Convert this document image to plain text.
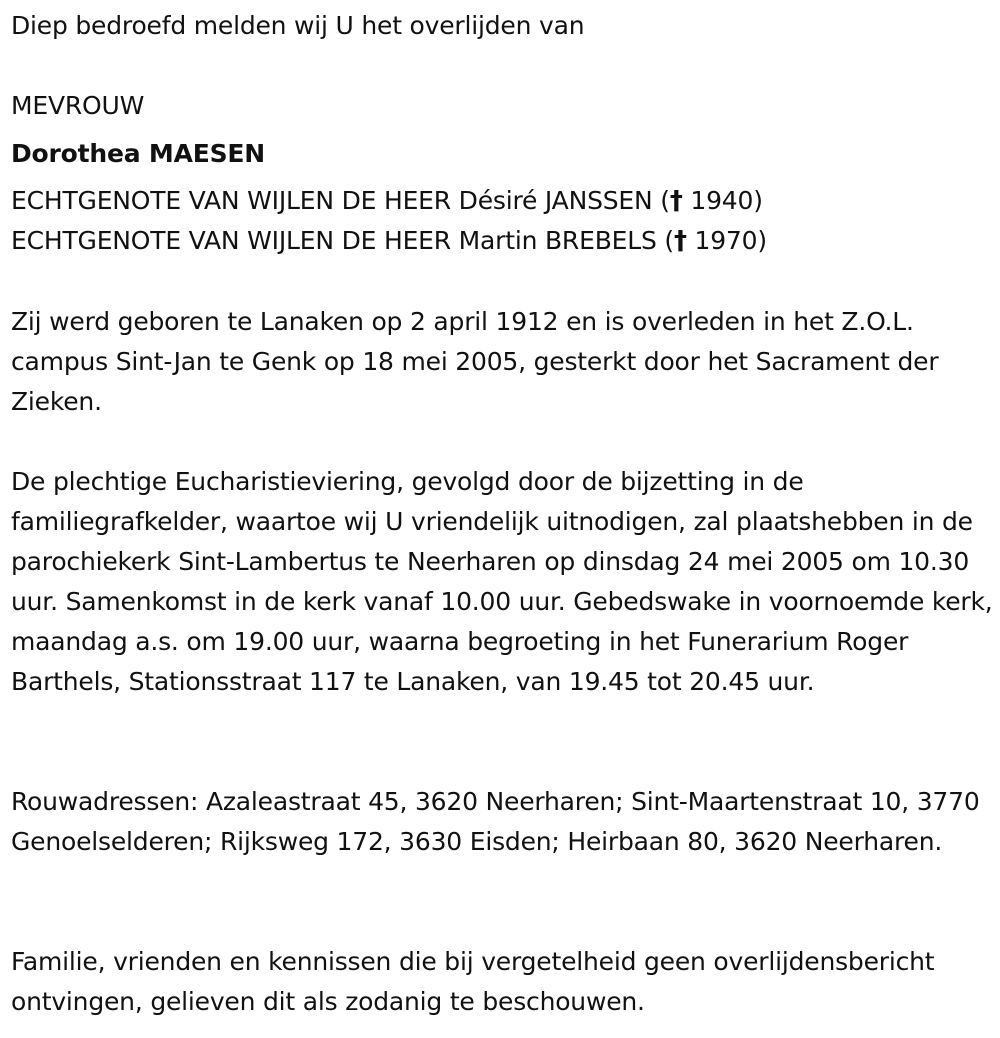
Diep bedroefd melden wij U het overlijden van
MEVROUW
Dorothea MAESEN
ECHTGENOTE VAN WIJLEN DE HEER Désiré JANSSEN († 1940)
ECHTGENOTE VAN WIJLEN DE HEER Martin BREBELS († 1970)
Zij werd geboren te Lanaken op 2 april 1912 en is overleden in het Z.O.L. campus Sint-Jan te Genk op 18 mei 2005, gesterkt door het Sacrament der Zieken.
De plechtige Eucharistieviering, gevolgd door de bijzetting in de familiegrafkelder, waartoe wij U vriendelijk uitnodigen, zal plaatshebben in de parochiekerk Sint-Lambertus te Neerharen op dinsdag 24 mei 2005 om 10.30 uur. Samenkomst in de kerk vanaf 10.00 uur. Gebedswake in voornoemde kerk, maandag a.s. om 19.00 uur, waarna begroeting in het Funerarium Roger Barthels, Stationsstraat 117 te Lanaken, van 19.45 tot 20.45 uur.
Rouwadressen: Azaleastraat 45, 3620 Neerharen; Sint-Maartenstraat 10, 3770 Genoelselderen; Rijksweg 172, 3630 Eisden; Heirbaan 80, 3620 Neerharen.
Familie, vrienden en kennissen die bij vergetelheid geen overlijdensbericht ontvingen, gelieven dit als zodanig te beschouwen.
